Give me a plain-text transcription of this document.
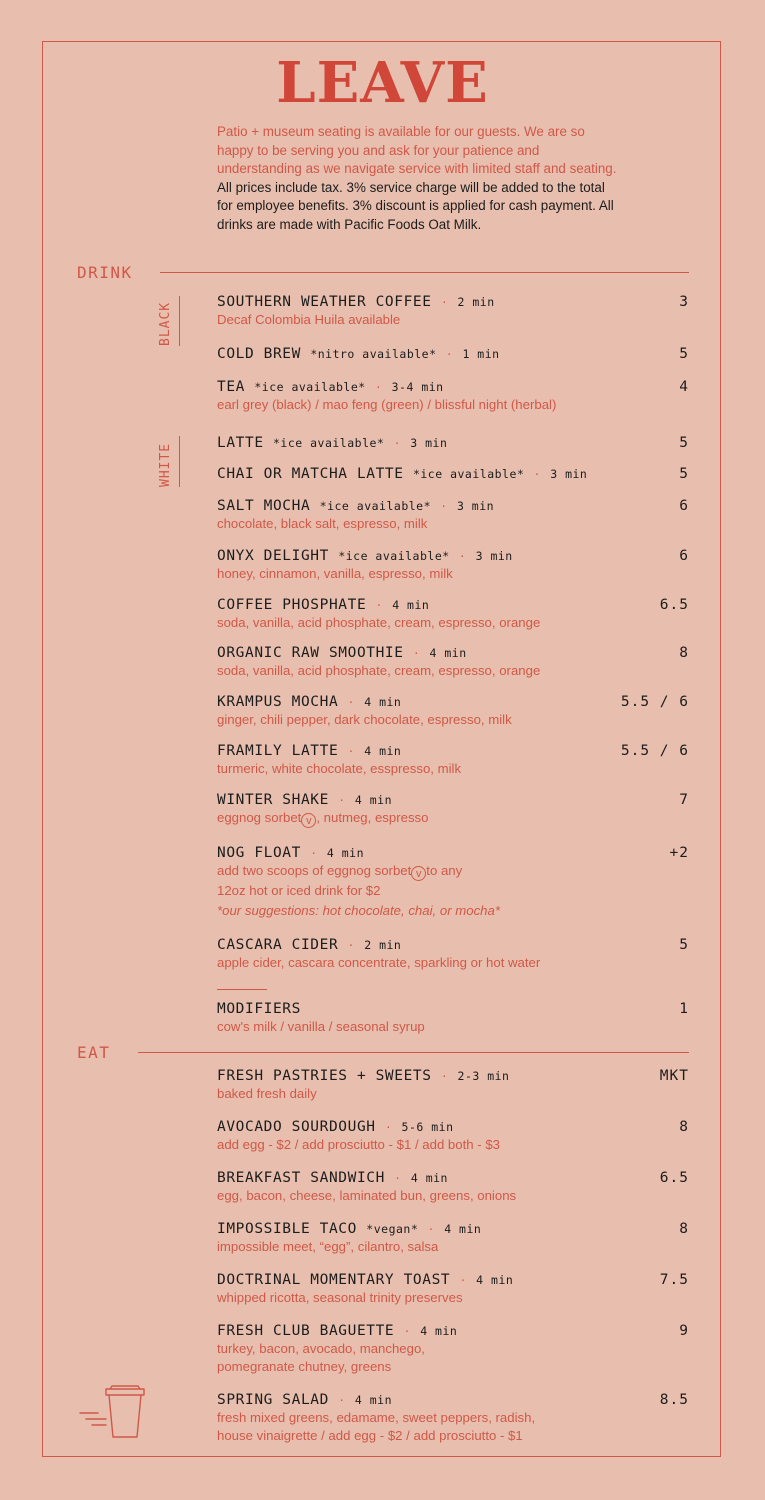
LEAVE
Patio + museum seating is available for our guests. We are so happy to be serving you and ask for your patience and understanding as we navigate service with limited staff and seating. All prices include tax. 3% service charge will be added to the total for employee benefits. 3% discount is applied for cash payment. All drinks are made with Pacific Foods Oat Milk.
DRINK
BLACK
WHITE
SOUTHERN WEATHER COFFEE · 2 min	3
Decaf Colombia Huila available
COLD BREW *nitro available* · 1 min	5
TEA *ice available* · 3-4 min	4
earl grey (black) / mao feng (green) / blissful night (herbal)
LATTE *ice available* · 3 min	5
CHAI OR MATCHA LATTE *ice available* · 3 min	5
SALT MOCHA *ice available* · 3 min	6
chocolate, black salt, espresso, milk
ONYX DELIGHT *ice available* · 3 min	6
honey, cinnamon, vanilla, espresso, milk
COFFEE PHOSPHATE · 4 min	6.5
soda, vanilla, acid phosphate, cream, espresso, orange
ORGANIC RAW SMOOTHIE · 4 min	8
soda, vanilla, acid phosphate, cream, espresso, orange
KRAMPUS MOCHA · 4 min	5.5 / 6
ginger, chili pepper, dark chocolate, espresso, milk
FRAMILY LATTE · 4 min	5.5 / 6
turmeric, white chocolate, esspresso, milk
WINTER SHAKE · 4 min	7
eggnog sorbet v , nutmeg, espresso
NOG FLOAT · 4 min	+2
add two scoops of eggnog sorbet v to any
12oz hot or iced drink for $2
*our suggestions: hot chocolate, chai, or mocha*
CASCARA CIDER · 2 min	5
apple cider, cascara concentrate, sparkling or hot water
MODIFIERS	1
cow's milk / vanilla / seasonal syrup
EAT
FRESH PASTRIES + SWEETS · 2-3 min	MKT
baked fresh daily
AVOCADO SOURDOUGH · 5-6 min	8
add egg - $2 / add prosciutto - $1 / add both - $3
BREAKFAST SANDWICH · 4 min	6.5
egg, bacon, cheese, laminated bun, greens, onions
IMPOSSIBLE TACO *vegan* · 4 min	8
impossible meet, “egg”, cilantro, salsa
DOCTRINAL MOMENTARY TOAST · 4 min	7.5
whipped ricotta, seasonal trinity preserves
FRESH CLUB BAGUETTE · 4 min	9
turkey, bacon, avocado, manchego,
pomegranate chutney, greens
SPRING SALAD · 4 min	8.5
fresh mixed greens, edamame, sweet peppers, radish,
house vinaigrette / add egg - $2 / add prosciutto - $1
